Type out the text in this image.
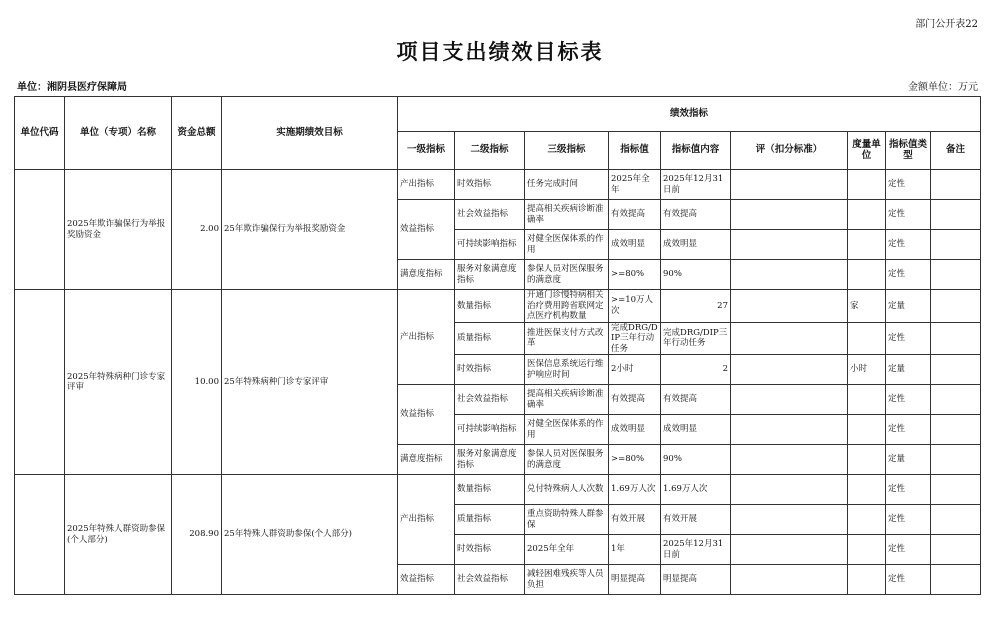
部门公开表22
项目支出绩效目标表
单位：湘阴县医疗保障局	金额单位：万元
单位代码	单位（专项）名称	资金总额	实施期绩效目标	绩效指标								
				一级指标	二级指标	三级指标	指标值	指标值内容	评（扣分标准）	度量单位	指标值类型	备注
	2025年欺诈骗保行为举报奖励资金	2.00	25年欺诈骗保行为举报奖励资金	产出指标	时效指标	任务完成时间	2025年全年	2025年12月31日前			定性	
				效益指标	社会效益指标	提高相关疾病诊断准确率	有效提高	有效提高			定性	
					可持续影响指标	对健全医保体系的作用	成效明显	成效明显			定性	
				满意度指标	服务对象满意度指标	参保人员对医保服务的满意度	>=80%	90%			定性	
	2025年特殊病种门诊专家评审	10.00	25年特殊病种门诊专家评审	产出指标	数量指标	开通门诊慢特病相关治疗费用跨省联网定点医疗机构数量	>=10万人次	27		家	定量	
					质量指标	推进医保支付方式改革	完成DRG/DIP三年行动任务	完成DRG/DIP三年行动任务			定性	
					时效指标	医保信息系统运行维护响应时间	2小时	2		小时	定量	
				效益指标	社会效益指标	提高相关疾病诊断准确率	有效提高	有效提高			定性	
					可持续影响指标	对健全医保体系的作用	成效明显	成效明显			定性	
				满意度指标	服务对象满意度指标	参保人员对医保服务的满意度	>=80%	90%			定量	
	2025年特殊人群资助参保(个人部分)	208.90	25年特殊人群资助参保(个人部分)	产出指标	数量指标	兑付特殊病人人次数	1.69万人次	1.69万人次			定性	
					质量指标	重点资助特殊人群参保	有效开展	有效开展			定性	
					时效指标	2025年全年	1年	2025年12月31日前			定性	
				效益指标	社会效益指标	减轻困难残疾等人员负担	明显提高	明显提高			定性	
